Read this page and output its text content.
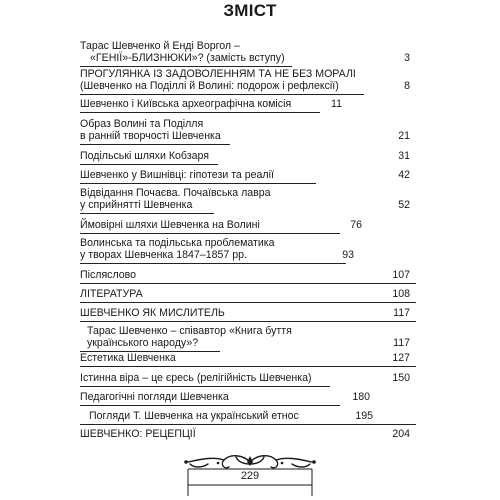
ЗМІСТ
Тарас Шевченко й Енді Воргол –
«ГЕНІЇ»-БЛИЗНЮКИ»? (замість вступу)	3
ПРОГУЛЯНКА ІЗ ЗАДОВОЛЕННЯМ ТА НЕ БЕЗ МОРАЛІ
(Шевченко на Поділлі й Волині: подорож і рефлексії)	8
Шевченко і Київська археографічна комісія	11
Образ Волині та Поділля
в ранній творчості Шевченка	21
Подільські шляхи Кобзаря	31
Шевченко у Вишнівці: гіпотези та реалії	42
Відвідання Почаєва. Почаївська лавра
у сприйнятті Шевченка	52
Ймовірні шляхи Шевченка на Волині	76
Волинська та подільська проблематика
у творах Шевченка 1847–1857 рр.	93
Післяслово	107
ЛІТЕРАТУРА	108
ШЕВЧЕНКО ЯК МИСЛИТЕЛЬ	117
Тарас Шевченко – співавтор «Книга буття
українського народу»?	117
Естетика Шевченка	127
Істинна віра – це єресь (релігійність Шевченка)	150
Педагогічні погляди Шевченка	180
Погляди Т. Шевченка на український етнос	195
ШЕВЧЕНКО: РЕЦЕПЦІЇ	204
229
